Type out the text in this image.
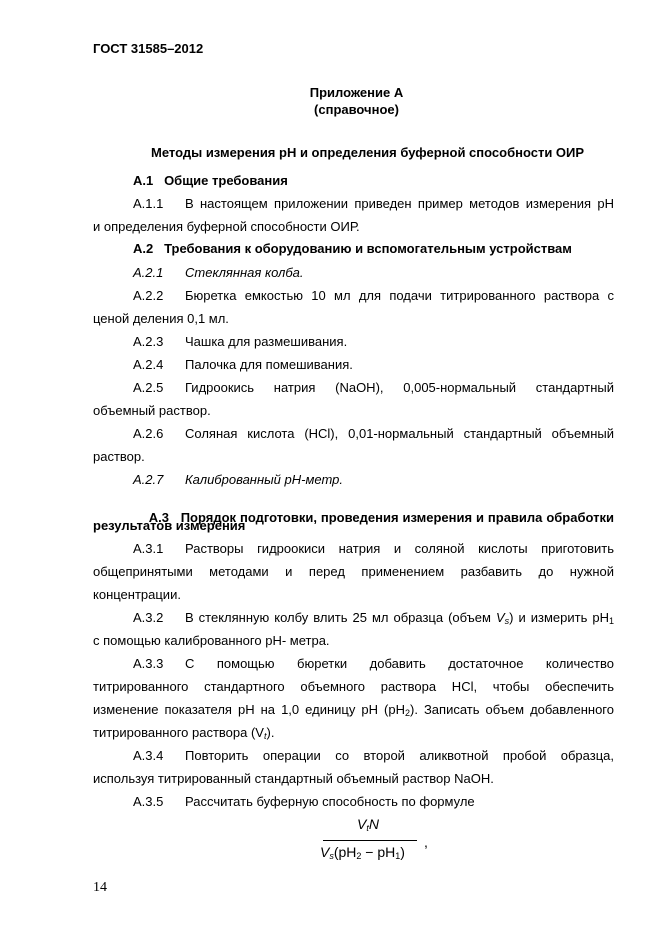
ГОСТ 31585–2012
Приложение А
(справочное)
Методы измерения рН и определения буферной способности ОИР
А.1   Общие требования
А.1.1 В настоящем приложении приведен пример методов измерения рН
и определения буферной способности ОИР.
А.2   Требования к оборудованию и вспомогательным устройствам
А.2.1 Стеклянная колба.
А.2.2 Бюретка емкостью 10 мл для подачи титрированного раствора с
ценой деления 0,1 мл.
А.2.3 Чашка для размешивания.
А.2.4 Палочка для помешивания.
А.2.5 Гидроокись натрия (NaOH), 0,005-нормальный стандартный
объемный раствор.
А.2.6 Соляная кислота (HCl), 0,01-нормальный стандартный объемный
раствор.
А.2.7 Калиброванный рН-метр.

А.3   Порядок подготовки, проведения измерения и правила обработки

результатов измерения
А.3.1 Растворы гидроокиси натрия и соляной кислоты приготовить
общепринятыми методами и перед применением разбавить до нужной
концентрации.
А.3.2 В стеклянную колбу влить 25 мл образца (объем $V_s$) и измерить $рН_1$
с помощью калиброванного рН- метра.
А.3.3 С помощью бюретки добавить достаточное количество
титрированного стандартного объемного раствора HCl, чтобы обеспечить
изменение показателя рН на 1,0 единицу рН $(рН_2)$. Записать объем добавленного
титрированного раствора $(V_t)$.
А.3.4 Повторить операции со второй аликвотной пробой образца,
используя титрированный стандартный объемный раствор NaOH.
А.3.5 Рассчитать буферную способность по формуле
$V_tN$
$V_s(pH_2 - pH_1)$
,
14
